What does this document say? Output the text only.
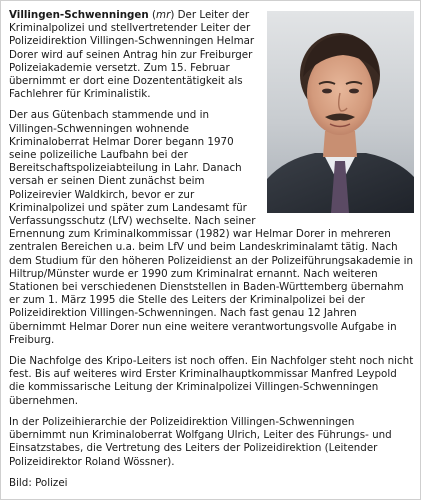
Villingen-Schwenningen (mr) Der Leiter der Kriminalpolizei und stellvertretender Leiter der Polizeidirektion Villingen-Schwenningen Helmar Dorer wird auf seinen Antrag hin zur Freiburger Polizeiakademie versetzt. Zum 15. Februar übernimmt er dort eine Dozententätigkeit als Fachlehrer für Kriminalistik.

Der aus Gütenbach stammende und in Villingen-Schwenningen wohnende Kriminaloberrat Helmar Dorer begann 1970 seine polizeiliche Laufbahn bei der Bereitschaftspolizeiabteilung in Lahr. Danach versah er seinen Dient zunächst beim Polizeirevier Waldkirch, bevor er zur Kriminalpolizei und später zum Landesamt für Verfassungsschutz (LfV) wechselte. Nach seiner Ernennung zum Kriminalkommissar (1982) war Helmar Dorer in mehreren zentralen Bereichen u.a. beim LfV und beim Landeskriminalamt tätig. Nach dem Studium für den höheren Polizeidienst an der Polizeiführungsakademie in Hiltrup/Münster wurde er 1990 zum Kriminalrat ernannt. Nach weiteren Stationen bei verschiedenen Dienststellen in Baden-Württemberg übernahm er zum 1. März 1995 die Stelle des Leiters der Kriminalpolizei bei der Polizeidirektion Villingen-Schwenningen. Nach fast genau 12 Jahren übernimmt Helmar Dorer nun eine weitere verantwortungsvolle Aufgabe in Freiburg.

Die Nachfolge des Kripo-Leiters ist noch offen. Ein Nachfolger steht noch nicht fest. Bis auf weiteres wird Erster Kriminalhauptkommissar Manfred Leypold die kommissarische Leitung der Kriminalpolizei Villingen-Schwenningen übernehmen.

In der Polizeihierarchie der Polizeidirektion Villingen-Schwenningen übernimmt nun Kriminaloberrat Wolfgang Ulrich, Leiter des Führungs- und Einsatzstabes, die Vertretung des Leiters der Polizeidirektion (Leitender Polizeidirektor Roland Wössner).

Bild: Polizei
